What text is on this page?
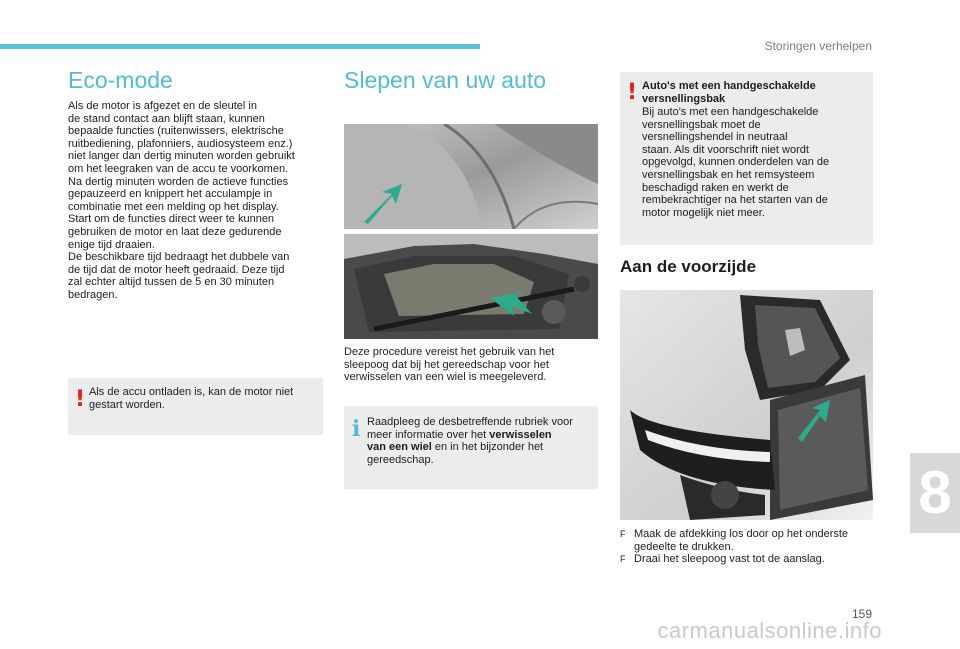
Storingen verhelpen
Eco-mode
Als de motor is afgezet en de sleutel in
de stand contact aan blijft staan, kunnen
bepaalde functies (ruitenwissers, elektrische
ruitbediening, plafonniers, audiosysteem enz.)
niet langer dan dertig minuten worden gebruikt
om het leegraken van de accu te voorkomen.
Na dertig minuten worden de actieve functies
gepauzeerd en knippert het acculampje in
combinatie met een melding op het display.
Start om de functies direct weer te kunnen
gebruiken de motor en laat deze gedurende
enige tijd draaien.
De beschikbare tijd bedraagt het dubbele van
de tijd dat de motor heeft gedraaid. Deze tijd
zal echter altijd tussen de 5 en 30 minuten
bedragen.
! Als de accu ontladen is, kan de motor niet
gestart worden.
Slepen van uw auto
Deze procedure vereist het gebruik van het
sleepoog dat bij het gereedschap voor het
verwisselen van een wiel is meegeleverd.
i Raadpleeg de desbetreffende rubriek voor
meer informatie over het verwisselen
van een wiel en in het bijzonder het
gereedschap.
! Auto's met een handgeschakelde
versnellingsbak
Bij auto's met een handgeschakelde
versnellingsbak moet de
versnellingshendel in neutraal
staan. Als dit voorschrift niet wordt
opgevolgd, kunnen onderdelen van de
versnellingsbak en het remsysteem
beschadigd raken en werkt de
rembekrachtiger na het starten van de
motor mogelijk niet meer.
Aan de voorzijde
F Maak de afdekking los door op het onderste
gedeelte te drukken.
F Draai het sleepoog vast tot de aanslag.
8
159
carmanualsonline.info
